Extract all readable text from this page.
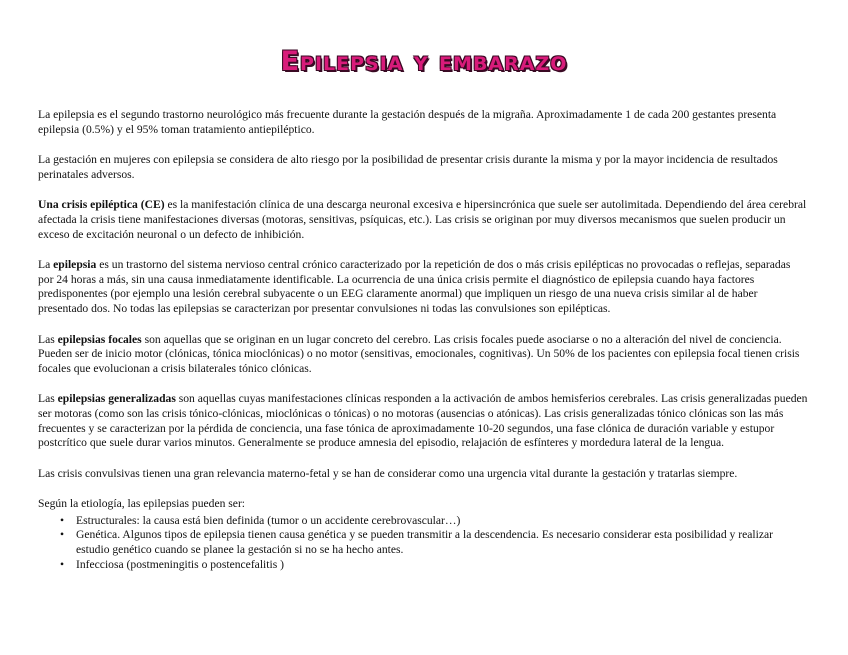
Epilepsia y embarazo

La epilepsia es el segundo trastorno neurológico más frecuente durante la gestación después de la migraña. Aproximadamente 1 de cada 200 gestantes presenta epilepsia (0.5%) y el 95% toman tratamiento antiepiléptico.

La gestación en mujeres con epilepsia se considera de alto riesgo por la posibilidad de presentar crisis durante la misma y por la mayor incidencia de resultados perinatales adversos.

Una crisis epiléptica (CE) es la manifestación clínica de una descarga neuronal excesiva e hipersincrónica que suele ser autolimitada. Dependiendo del área cerebral afectada la crisis tiene manifestaciones diversas (motoras, sensitivas, psíquicas, etc.). Las crisis se originan por muy diversos mecanismos que suelen producir un exceso de excitación neuronal o un defecto de inhibición.

La epilepsia es un trastorno del sistema nervioso central crónico caracterizado por la repetición de dos o más crisis epilépticas no provocadas o reflejas, separadas por 24 horas a más, sin una causa inmediatamente identificable. La ocurrencia de una única crisis permite el diagnóstico de epilepsia cuando haya factores predisponentes (por ejemplo una lesión cerebral subyacente o un EEG claramente anormal) que impliquen un riesgo de una nueva crisis similar al de haber presentado dos. No todas las epilepsias se caracterizan por presentar convulsiones ni todas las convulsiones son epilépticas.

Las epilepsias focales son aquellas que se originan en un lugar concreto del cerebro. Las crisis focales puede asociarse o no a alteración del nivel de conciencia. Pueden ser de inicio motor (clónicas, tónica mioclónicas) o no motor (sensitivas, emocionales, cognitivas). Un 50% de los pacientes con epilepsia focal tienen crisis focales que evolucionan a crisis bilaterales tónico clónicas.

Las epilepsias generalizadas son aquellas cuyas manifestaciones clínicas responden a la activación de ambos hemisferios cerebrales. Las crisis generalizadas pueden ser motoras (como son las crisis tónico-clónicas, mioclónicas o tónicas) o no motoras (ausencias o atónicas). Las crisis generalizadas tónico clónicas son las más frecuentes y se caracterizan por la pérdida de conciencia, una fase tónica de aproximadamente 10-20 segundos, una fase clónica de duración variable y estupor postcrítico que suele durar varios minutos. Generalmente se produce amnesia del episodio, relajación de esfínteres y mordedura lateral de la lengua.

Las crisis convulsivas tienen una gran relevancia materno-fetal y se han de considerar como una urgencia vital durante la gestación y tratarlas siempre.

Según la etiología, las epilepsias pueden ser:

• Estructurales: la causa está bien definida (tumor o un accidente cerebrovascular…)
• Genética. Algunos tipos de epilepsia tienen causa genética y se pueden transmitir a la descendencia. Es necesario considerar esta posibilidad y realizar estudio genético cuando se planee la gestación si no se ha hecho antes.
• Infecciosa (postmeningitis o postencefalitis )
